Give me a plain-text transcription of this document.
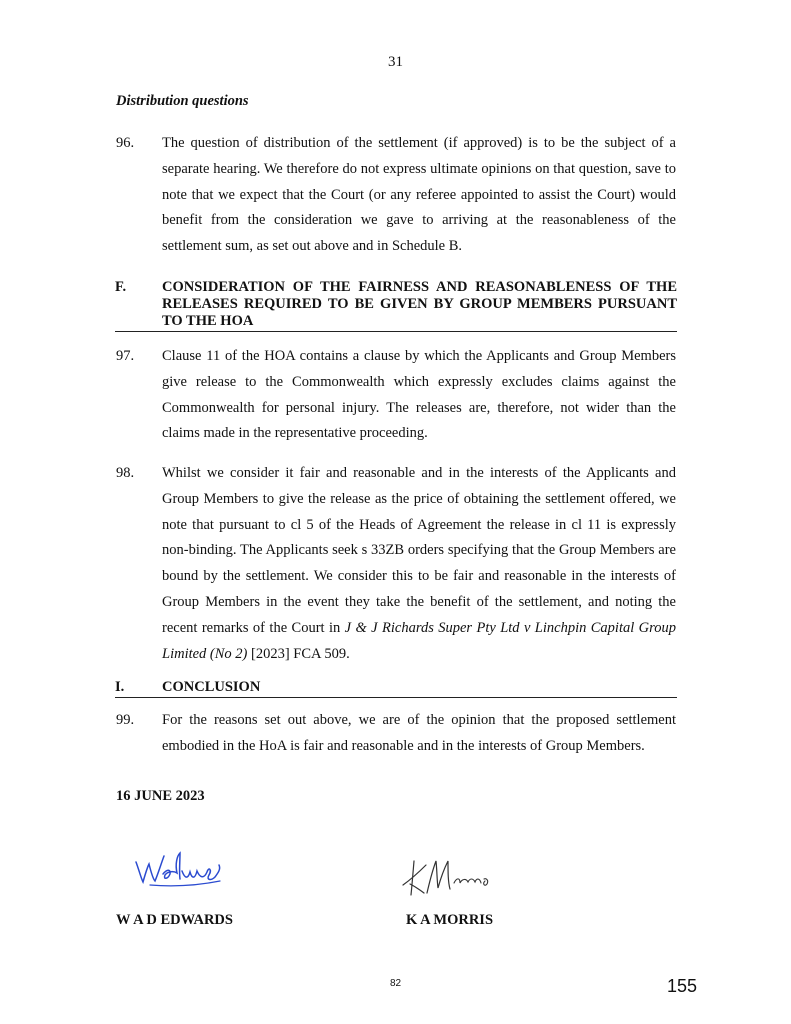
31
Distribution questions
96.	The question of distribution of the settlement (if approved) is to be the subject of a separate hearing. We therefore do not express ultimate opinions on that question, save to note that we expect that the Court (or any referee appointed to assist the Court) would benefit from the consideration we gave to arriving at the reasonableness of the settlement sum, as set out above and in Schedule B.
F.	CONSIDERATION OF THE FAIRNESS AND REASONABLENESS OF THE RELEASES REQUIRED TO BE GIVEN BY GROUP MEMBERS PURSUANT TO THE HOA
97.	Clause 11 of the HOA contains a clause by which the Applicants and Group Members give release to the Commonwealth which expressly excludes claims against the Commonwealth for personal injury. The releases are, therefore, not wider than the claims made in the representative proceeding.
98.	Whilst we consider it fair and reasonable and in the interests of the Applicants and Group Members to give the release as the price of obtaining the settlement offered, we note that pursuant to cl 5 of the Heads of Agreement the release in cl 11 is expressly non-binding. The Applicants seek s 33ZB orders specifying that the Group Members are bound by the settlement. We consider this to be fair and reasonable in the interests of Group Members in the event they take the benefit of the settlement, and noting the recent remarks of the Court in J & J Richards Super Pty Ltd v Linchpin Capital Group Limited (No 2) [2023] FCA 509.
I.	CONCLUSION
99.	For the reasons set out above, we are of the opinion that the proposed settlement embodied in the HoA is fair and reasonable and in the interests of Group Members.
16 JUNE 2023
W A D EDWARDS	K A MORRIS
82	155
